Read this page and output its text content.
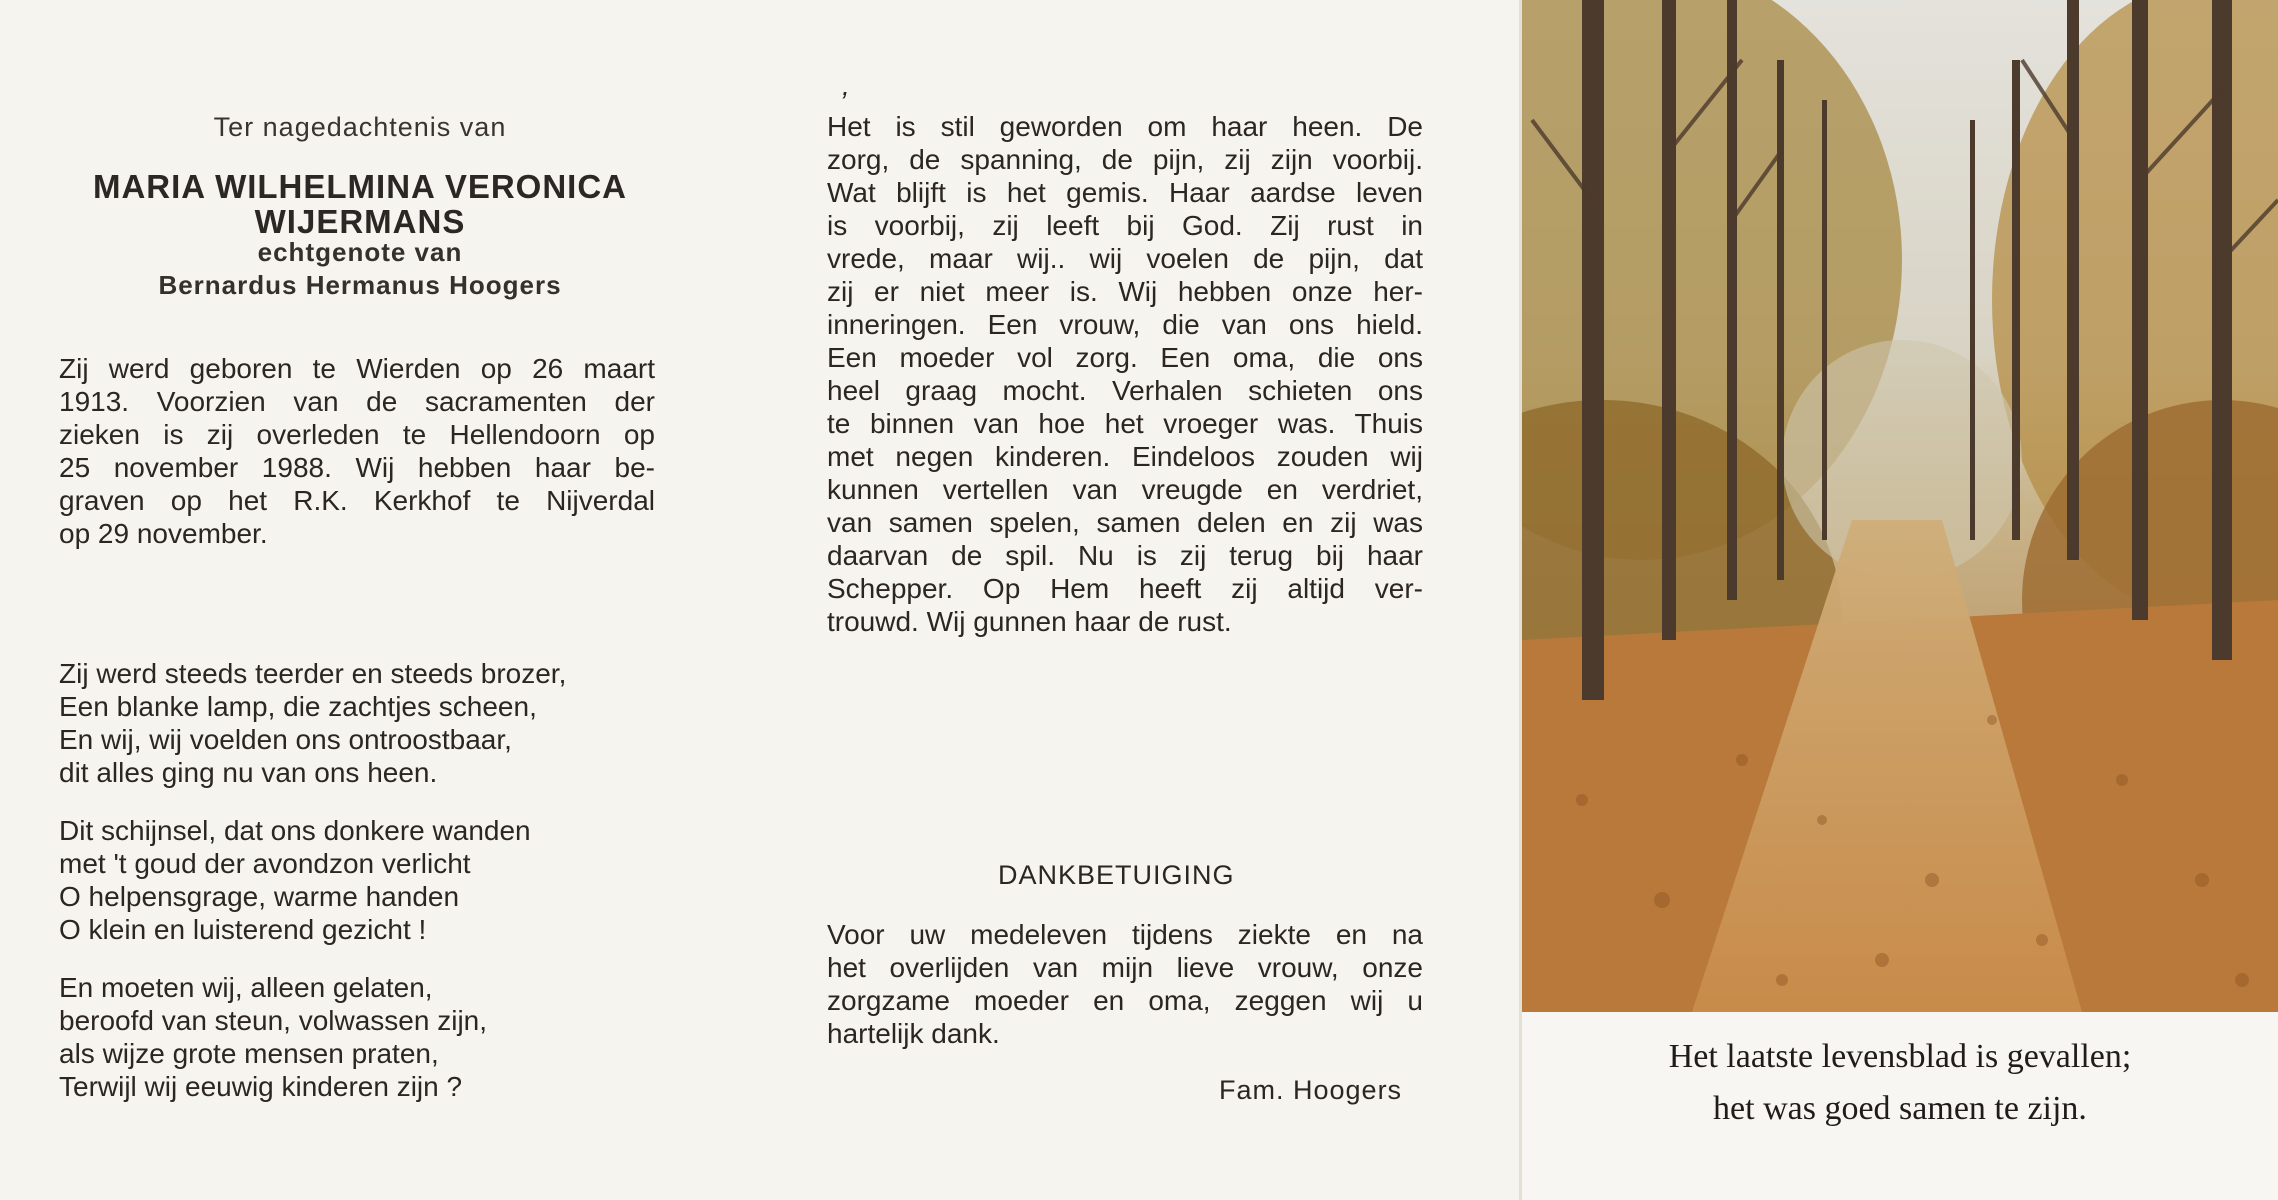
Ter nagedachtenis van
MARIA WILHELMINA VERONICA
WIJERMANS
echtgenote van
Bernardus Hermanus Hoogers
Zij werd geboren te Wierden op 26 maart
1913. Voorzien van de sacramenten der
zieken is zij overleden te Hellendoorn op
25 november 1988. Wij hebben haar be-
graven op het R.K. Kerkhof te Nijverdal
op 29 november.
Zij werd steeds teerder en steeds brozer,
Een blanke lamp, die zachtjes scheen,
En wij, wij voelden ons ontroostbaar,
dit alles ging nu van ons heen.
Dit schijnsel, dat ons donkere wanden
met 't goud der avondzon verlicht
O helpensgrage, warme handen
O klein en luisterend gezicht !
En moeten wij, alleen gelaten,
beroofd van steun, volwassen zijn,
als wijze grote mensen praten,
Terwijl wij eeuwig kinderen zijn ?
,
Het is stil geworden om haar heen. De
zorg, de spanning, de pijn, zij zijn voorbij.
Wat blijft is het gemis. Haar aardse leven
is voorbij, zij leeft bij God. Zij rust in
vrede, maar wij.. wij voelen de pijn, dat
zij er niet meer is. Wij hebben onze her-
inneringen. Een vrouw, die van ons hield.
Een moeder vol zorg. Een oma, die ons
heel graag mocht. Verhalen schieten ons
te binnen van hoe het vroeger was. Thuis
met negen kinderen. Eindeloos zouden wij
kunnen vertellen van vreugde en verdriet,
van samen spelen, samen delen en zij was
daarvan de spil. Nu is zij terug bij haar
Schepper. Op Hem heeft zij altijd ver-
trouwd. Wij gunnen haar de rust.
DANKBETUIGING
Voor uw medeleven tijdens ziekte en na
het overlijden van mijn lieve vrouw, onze
zorgzame moeder en oma, zeggen wij u
hartelijk dank.
Fam. Hoogers
Het laatste levensblad is gevallen;
het was goed samen te zijn.
